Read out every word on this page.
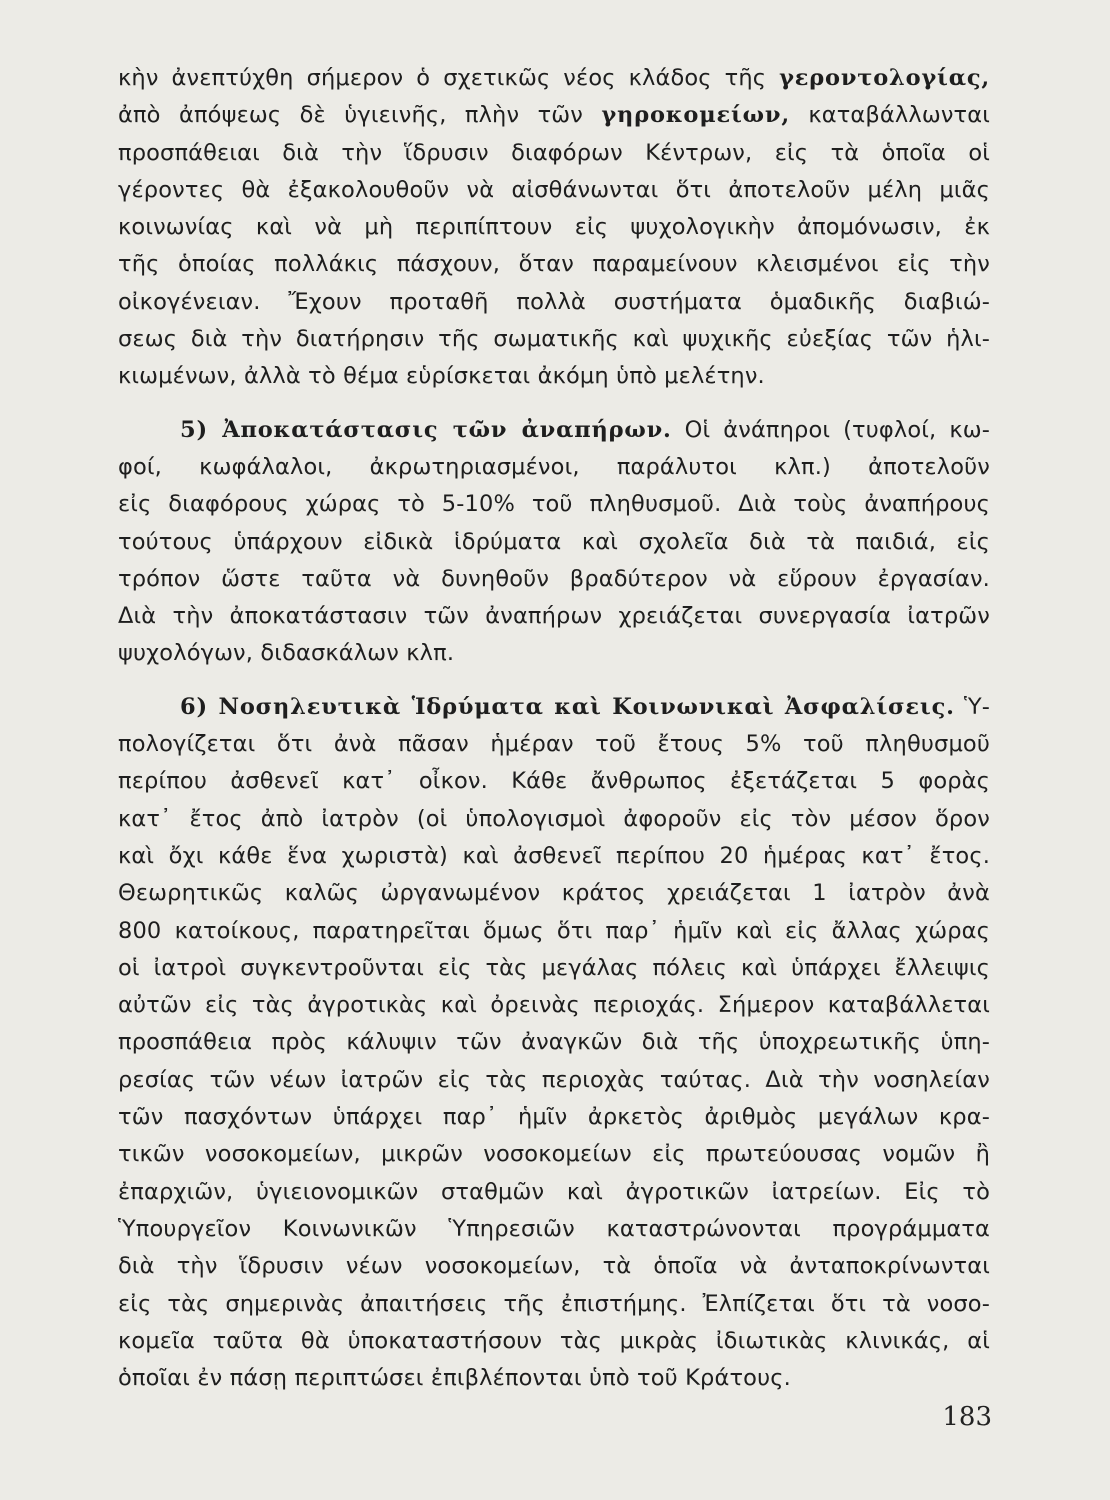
κὴν ἀνεπτύχθη σήμερον ὁ σχετικῶς νέος κλάδος τῆς γεροντολογίας,
ἀπὸ ἀπόψεως δὲ ὑγιεινῆς, πλὴν τῶν γηροκομείων, καταβάλλωνται
προσπάθειαι διὰ τὴν ἵδρυσιν διαφόρων Κέντρων, εἰς τὰ ὁποῖα οἱ
γέροντες θὰ ἐξακολουθοῦν νὰ αἰσθάνωνται ὅτι ἀποτελοῦν μέλη μιᾶς
κοινωνίας καὶ νὰ μὴ περιπίπτουν εἰς ψυχολογικὴν ἀπομόνωσιν, ἐκ
τῆς ὁποίας πολλάκις πάσχουν, ὅταν παραμείνουν κλεισμένοι εἰς τὴν
οἰκογένειαν. Ἔχουν προταθῆ πολλὰ συστήματα ὁμαδικῆς διαβιώ-
σεως διὰ τὴν διατήρησιν τῆς σωματικῆς καὶ ψυχικῆς εὐεξίας τῶν ἡλι-
κιωμένων, ἀλλὰ τὸ θέμα εὑρίσκεται ἀκόμη ὑπὸ μελέτην.
5) Ἀποκατάστασις τῶν ἀναπήρων. Οἱ ἀνάπηροι (τυφλοί, κω-
φοί, κωφάλαλοι, ἀκρωτηριασμένοι, παράλυτοι κλπ.) ἀποτελοῦν
εἰς διαφόρους χώρας τὸ 5-10% τοῦ πληθυσμοῦ. Διὰ τοὺς ἀναπήρους
τούτους ὑπάρχουν εἰδικὰ ἱδρύματα καὶ σχολεῖα διὰ τὰ παιδιά, εἰς
τρόπον ὥστε ταῦτα νὰ δυνηθοῦν βραδύτερον νὰ εὕρουν ἐργασίαν.
Διὰ τὴν ἀποκατάστασιν τῶν ἀναπήρων χρειάζεται συνεργασία ἰατρῶν
ψυχολόγων, διδασκάλων κλπ.
6) Νοσηλευτικὰ Ἱδρύματα καὶ Κοινωνικαὶ Ἀσφαλίσεις. Ὑ-
πολογίζεται ὅτι ἀνὰ πᾶσαν ἡμέραν τοῦ ἔτους 5% τοῦ πληθυσμοῦ
περίπου ἀσθενεῖ κατ᾽ οἶκον. Κάθε ἄνθρωπος ἐξετάζεται 5 φορὰς
κατ᾽ ἔτος ἀπὸ ἰατρὸν (οἱ ὑπολογισμοὶ ἀφοροῦν εἰς τὸν μέσον ὅρον
καὶ ὄχι κάθε ἕνα χωριστὰ) καὶ ἀσθενεῖ περίπου 20 ἡμέρας κατ᾽ ἔτος.
Θεωρητικῶς καλῶς ὠργανωμένον κράτος χρειάζεται 1 ἰατρὸν ἀνὰ
800 κατοίκους, παρατηρεῖται ὅμως ὅτι παρ᾽ ἡμῖν καὶ εἰς ἄλλας χώρας
οἱ ἰατροὶ συγκεντροῦνται εἰς τὰς μεγάλας πόλεις καὶ ὑπάρχει ἔλλειψις
αὐτῶν εἰς τὰς ἀγροτικὰς καὶ ὀρεινὰς περιοχάς. Σήμερον καταβάλλεται
προσπάθεια πρὸς κάλυψιν τῶν ἀναγκῶν διὰ τῆς ὑποχρεωτικῆς ὑπη-
ρεσίας τῶν νέων ἰατρῶν εἰς τὰς περιοχὰς ταύτας. Διὰ τὴν νοσηλείαν
τῶν πασχόντων ὑπάρχει παρ᾽ ἡμῖν ἀρκετὸς ἀριθμὸς μεγάλων κρα-
τικῶν νοσοκομείων, μικρῶν νοσοκομείων εἰς πρωτεύουσας νομῶν ἢ
ἐπαρχιῶν, ὑγιειονομικῶν σταθμῶν καὶ ἀγροτικῶν ἰατρείων. Εἰς τὸ
Ὑπουργεῖον Κοινωνικῶν Ὑπηρεσιῶν καταστρώνονται προγράμματα
διὰ τὴν ἵδρυσιν νέων νοσοκομείων, τὰ ὁποῖα νὰ ἀνταποκρίνωνται
εἰς τὰς σημερινὰς ἀπαιτήσεις τῆς ἐπιστήμης. Ἐλπίζεται ὅτι τὰ νοσο-
κομεῖα ταῦτα θὰ ὑποκαταστήσουν τὰς μικρὰς ἰδιωτικὰς κλινικάς, αἱ
ὁποῖαι ἐν πάσῃ περιπτώσει ἐπιβλέπονται ὑπὸ τοῦ Κράτους.
183
